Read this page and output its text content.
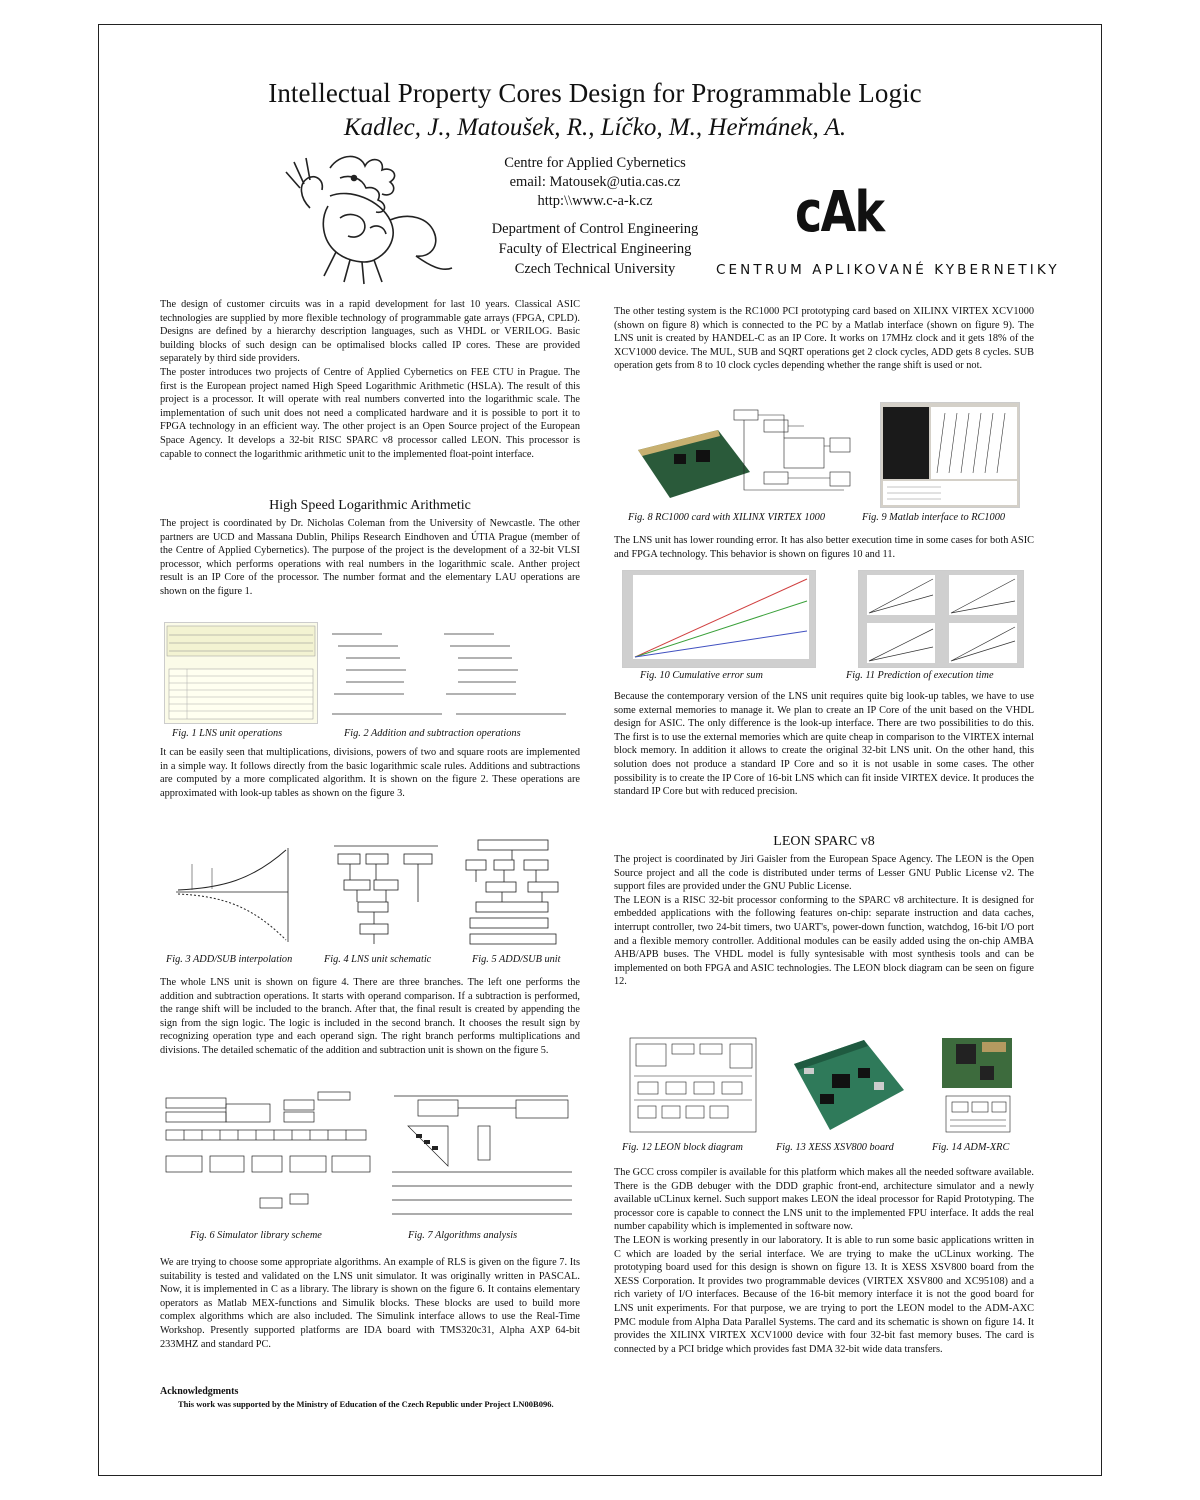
Intellectual Property Cores Design for Programmable Logic
Kadlec, J., Matoušek, R., Líčko, M., Heřmánek, A.
Centre for Applied Cybernetics
email: Matousek@utia.cas.cz
http:\\www.c-a-k.cz
Department of Control Engineering
Faculty of Electrical Engineering
Czech Technical University
cAk
CENTRUM APLIKOVANÉ KYBERNETIKY

The design of customer circuits was in a rapid development for last 10 years. Classical ASIC technologies are supplied by more flexible technology of programmable gate arrays (FPGA, CPLD). Designs are defined by a hierarchy description languages, such as VHDL or VERILOG. Basic building blocks of such design can be optimalised blocks called IP cores. These are provided separately by third side providers.

The poster introduces two projects of Centre of Applied Cybernetics on FEE CTU in Prague. The first is the European project named High Speed Logarithmic Arithmetic (HSLA). The result of this project is a processor. It will operate with real numbers converted into the logarithmic scale. The implementation of such unit does not need a complicated hardware and it is possible to port it to FPGA technology in an efficient way. The other project is an Open Source project of the European Space Agency. It develops a 32-bit RISC SPARC v8 processor called LEON. This processor is capable to connect the logarithmic arithmetic unit to the implemented float-point interface.

High Speed Logarithmic Arithmetic

The project is coordinated by Dr. Nicholas Coleman from the University of Newcastle. The other partners are UCD and Massana Dublin, Philips Research Eindhoven and ÚTIA Prague (member of the Centre of Applied Cybernetics). The purpose of the project is the development of a 32-bit VLSI processor, which performs operations with real numbers in the logarithmic scale. Anther project result is an IP Core of the processor. The number format and the elementary LAU operations are shown on the figure 1.

Fig. 1 LNS unit operations	Fig. 2 Addition and subtraction operations

It can be easily seen that multiplications, divisions, powers of two and square roots are implemented in a simple way. It follows directly from the basic logarithmic scale rules. Additions and subtractions are computed by a more complicated algorithm. It is shown on the figure 2. These operations are approximated with look-up tables as shown on the figure 3.

Fig. 3 ADD/SUB interpolation	Fig. 4 LNS unit schematic	Fig. 5 ADD/SUB unit

The whole LNS unit is shown on figure 4. There are three branches. The left one performs the addition and subtraction operations. It starts with operand comparison. If a subtraction is performed, the range shift will be included to the branch. After that, the final result is created by appending the sign from the sign logic. The logic is included in the second branch. It chooses the result sign by recognizing operation type and each operand sign. The right branch performs multiplications and divisions. The detailed schematic of the addition and subtraction unit is shown on the figure 5.

Fig. 6 Simulator library scheme	Fig. 7 Algorithms analysis

We are trying to choose some appropriate algorithms. An example of RLS is given on the figure 7. Its suitability is tested and validated on the LNS unit simulator. It was originally written in PASCAL. Now, it is implemented in C as a library. The library is shown on the figure 6. It contains elementary operators as Matlab MEX-functions and Simulik blocks. These blocks are used to build more complex algorithms which are also included. The Simulink interface allows to use the Real-Time Workshop. Presently supported platforms are IDA board with TMS320c31, Alpha AXP 64-bit 233MHZ and standard PC.

Acknowledgments
This work was supported by the Ministry of Education of the Czech Republic under Project LN00B096.

The other testing system is the RC1000 PCI prototyping card based on XILINX VIRTEX XCV1000 (shown on figure 8) which is connected to the PC by a Matlab interface (shown on figure 9). The LNS unit is created by HANDEL-C as an IP Core. It works on 17MHz clock and it gets 18% of the XCV1000 device. The MUL, SUB and SQRT operations get 2 clock cycles, ADD gets 8 cycles. SUB operation gets from 8 to 10 clock cycles depending whether the range shift is used or not.

Fig. 8 RC1000 card with XILINX VIRTEX 1000	Fig. 9 Matlab interface to RC1000

The LNS unit has lower rounding error. It has also better execution time in some cases for both ASIC and FPGA technology. This behavior is shown on figures 10 and 11.

Fig. 10 Cumulative error sum	Fig. 11 Prediction of execution time

Because the contemporary version of the LNS unit requires quite big look-up tables, we have to use some external memories to manage it. We plan to create an IP Core of the unit based on the VHDL design for ASIC. The only difference is the look-up interface. There are two possibilities to do this. The first is to use the external memories which are quite cheap in comparison to the VIRTEX internal block memory. In addition it allows to create the original 32-bit LNS unit. On the other hand, this solution does not produce a standard IP Core and so it is not usable in some cases. The other possibility is to create the IP Core of 16-bit LNS which can fit inside VIRTEX device. It produces the standard IP Core but with reduced precision.

LEON SPARC v8

The project is coordinated by Jiri Gaisler from the European Space Agency. The LEON is the Open Source project and all the code is distributed under terms of Lesser GNU Public License v2. The support files are provided under the GNU Public License.

The LEON is a RISC 32-bit processor conforming to the SPARC v8 architecture. It is designed for embedded applications with the following features on-chip: separate instruction and data caches, interrupt controller, two 24-bit timers, two UART's, power-down function, watchdog, 16-bit I/O port and a flexible memory controller. Additional modules can be easily added using the on-chip AMBA AHB/APB buses. The VHDL model is fully syntesisable with most synthesis tools and can be implemented on both FPGA and ASIC technologies. The LEON block diagram can be seen on figure 12.

Fig. 12 LEON block diagram	Fig. 13 XESS XSV800 board	Fig. 14 ADM-XRC

The GCC cross compiler is available for this platform which makes all the needed software available. There is the GDB debuger with the DDD graphic front-end, architecture simulator and a newly available uCLinux kernel. Such support makes LEON the ideal processor for Rapid Prototyping. The processor core is capable to connect the LNS unit to the implemented FPU interface. It adds the real number capability which is implemented in software now.

The LEON is working presently in our laboratory. It is able to run some basic applications written in C which are loaded by the serial interface. We are trying to make the uCLinux working. The prototyping board used for this design is shown on figure 13. It is XESS XSV800 board from the XESS Corporation. It provides two programmable devices (VIRTEX XSV800 and XC95108) and a rich variety of I/O interfaces. Because of the 16-bit memory interface it is not the good board for LNS unit experiments. For that purpose, we are trying to port the LEON model to the ADM-AXC PMC module from Alpha Data Parallel Systems. The card and its schematic is shown on figure 14. It provides the XILINX VIRTEX XCV1000 device with four 32-bit fast memory buses. The card is connected by a PCI bridge which provides fast DMA 32-bit wide data transfers.
